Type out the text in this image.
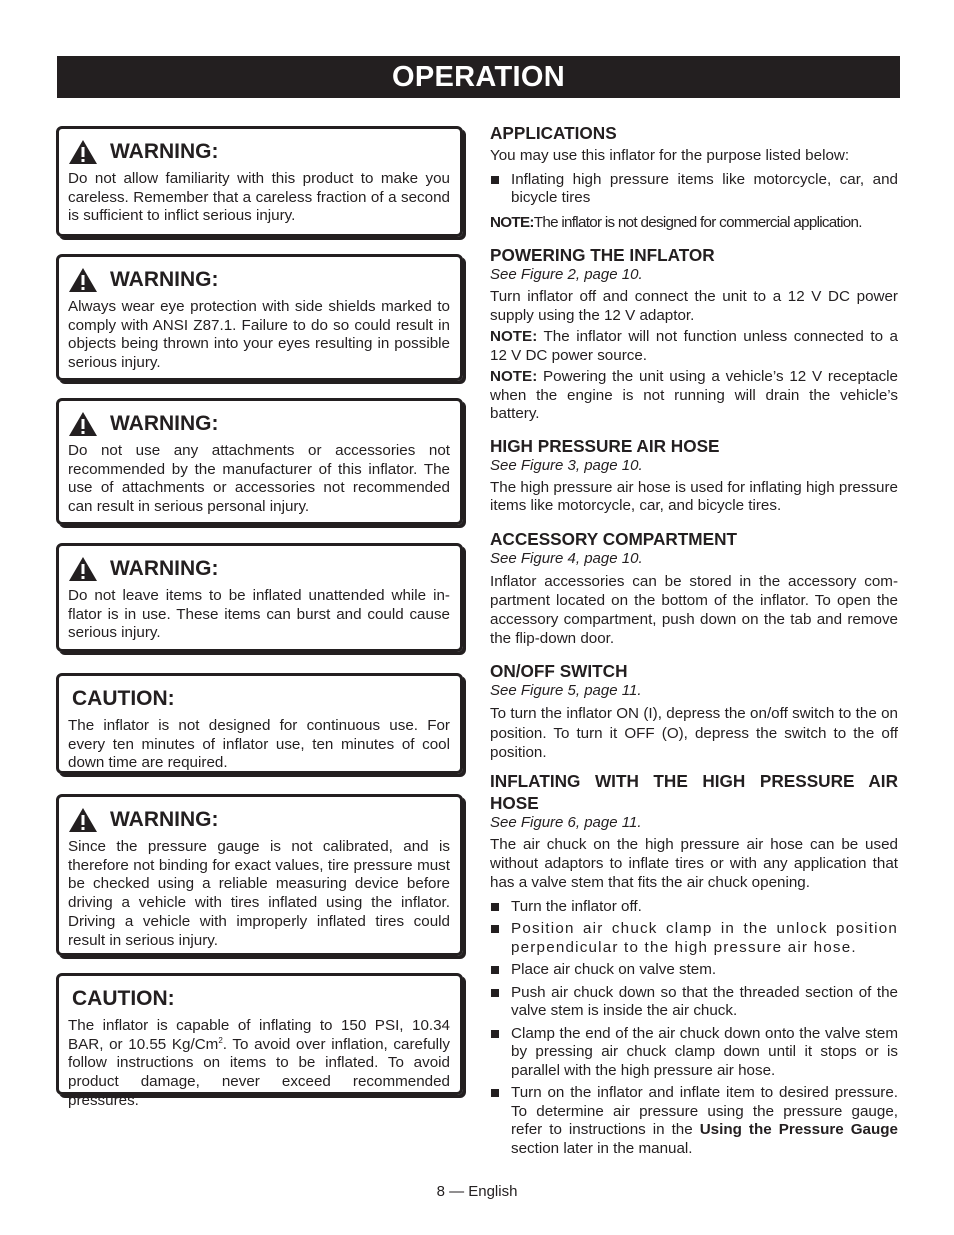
OPERATION
WARNING:
Do not allow familiarity with this product to make you careless. Remember that a careless fraction of a second is sufficient to inflict serious injury.
WARNING:
Always wear eye protection with side shields marked to comply with ANSI Z87.1. Failure to do so could result in objects being thrown into your eyes resulting in possible serious injury.
WARNING:
Do not use any attachments or accessories not recommended by the manufacturer of this inflator. The use of attachments or accessories not recommended can result in serious personal injury.
WARNING:
Do not leave items to be inflated unattended while in-flator is in use. These items can burst and could cause serious injury.
CAUTION:
The inflator is not designed for continuous use. For every ten minutes of inflator use, ten minutes of cool down time are required.
WARNING:
Since the pressure gauge is not calibrated, and is therefore not binding for exact values, tire pressure must be checked using a reliable measuring device before driving a vehicle with tires inflated using the inflator. Driving a vehicle with improperly inflated tires could result in serious injury.
CAUTION:
The inflator is capable of inflating to 150 PSI, 10.34 BAR, or 10.55 Kg/Cm$^2$. To avoid over inflation, carefully follow instructions on items to be inflated. To avoid product damage, never exceed recommended pressures.
APPLICATIONS
You may use this inflator for the purpose listed below:
Inflating high pressure items like motorcycle, car, and bicycle tires
NOTE:The inflator is not designed for commercial application.
POWERING THE INFLATOR
See Figure 2, page 10.
Turn inflator off and connect the unit to a 12 V DC power supply using the 12 V adaptor.
NOTE: The inflator will not function unless connected to a 12 V DC power source.
NOTE: Powering the unit using a vehicle’s 12 V receptacle when the engine is not running will drain the vehicle’s battery.
HIGH PRESSURE AIR HOSE
See Figure 3, page 10.
The high pressure air hose is used for inflating high pressure items like motorcycle, car, and bicycle tires.
ACCESSORY COMPARTMENT
See Figure 4, page 10.
Inflator accessories can be stored in the accessory com-partment located on the bottom of the inflator. To open the accessory compartment, push down on the tab and remove the flip-down door.
ON/OFF SWITCH
See Figure 5, page 11.
To turn the inflator ON (I), depress the on/off switch to the on position. To turn it OFF (O), depress the switch to the off position.
INFLATING WITH THE HIGH PRESSURE AIR HOSE
See Figure 6, page 11.
The air chuck on the high pressure air hose can be used without adaptors to inflate tires or with any application that has a valve stem that fits the air chuck opening.
Turn the inflator off.
Position air chuck clamp in the unlock position perpendicular to the high pressure air hose.
Place air chuck on valve stem.
Push air chuck down so that the threaded section of the valve stem is inside the air chuck.
Clamp the end of the air chuck down onto the valve stem by pressing air chuck clamp down until it stops or is parallel with the high pressure air hose.
Turn on the inflator and inflate item to desired pressure. To determine air pressure using the pressure gauge, refer to instructions in the Using the Pressure Gauge section later in the manual.
8 — English
